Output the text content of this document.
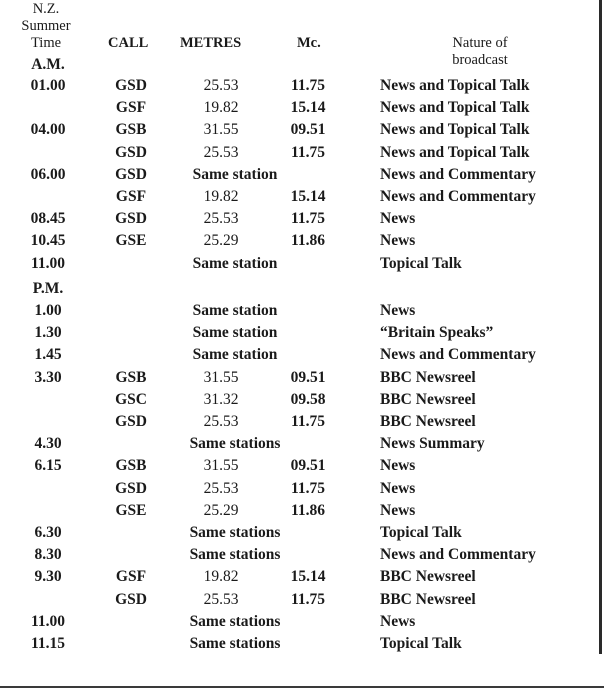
N.Z.
Summer
Time	CALL METRES	Mc.	Nature of
broadcast
A.M.
01.00	GSD	25.53	11.75	News and Topical Talk
GSF	19.82	15.14	News and Topical Talk
04.00	GSB	31.55	09.51	News and Topical Talk
GSD	25.53	11.75	News and Topical Talk
06.00	GSD	Same station	News and Commentary
GSF	19.82	15.14	News and Commentary
08.45	GSD	25.53	11.75	News
10.45	GSE	25.29	11.86	News
11.00	Same station	Topical Talk
P.M.
1.00	Same station	News
1.30	Same station	“Britain Speaks”
1.45	Same station	News and Commentary
3.30	GSB	31.55	09.51	BBC Newsreel
GSC	31.32	09.58	BBC Newsreel
GSD	25.53	11.75	BBC Newsreel
4.30	Same stations	News Summary
6.15	GSB	31.55	09.51	News
GSD	25.53	11.75	News
GSE	25.29	11.86	News
6.30	Same stations	Topical Talk
8.30	Same stations	News and Commentary
9.30	GSF	19.82	15.14	BBC Newsreel
GSD	25.53	11.75	BBC Newsreel
11.00	Same stations	News
11.15	Same stations	Topical Talk
